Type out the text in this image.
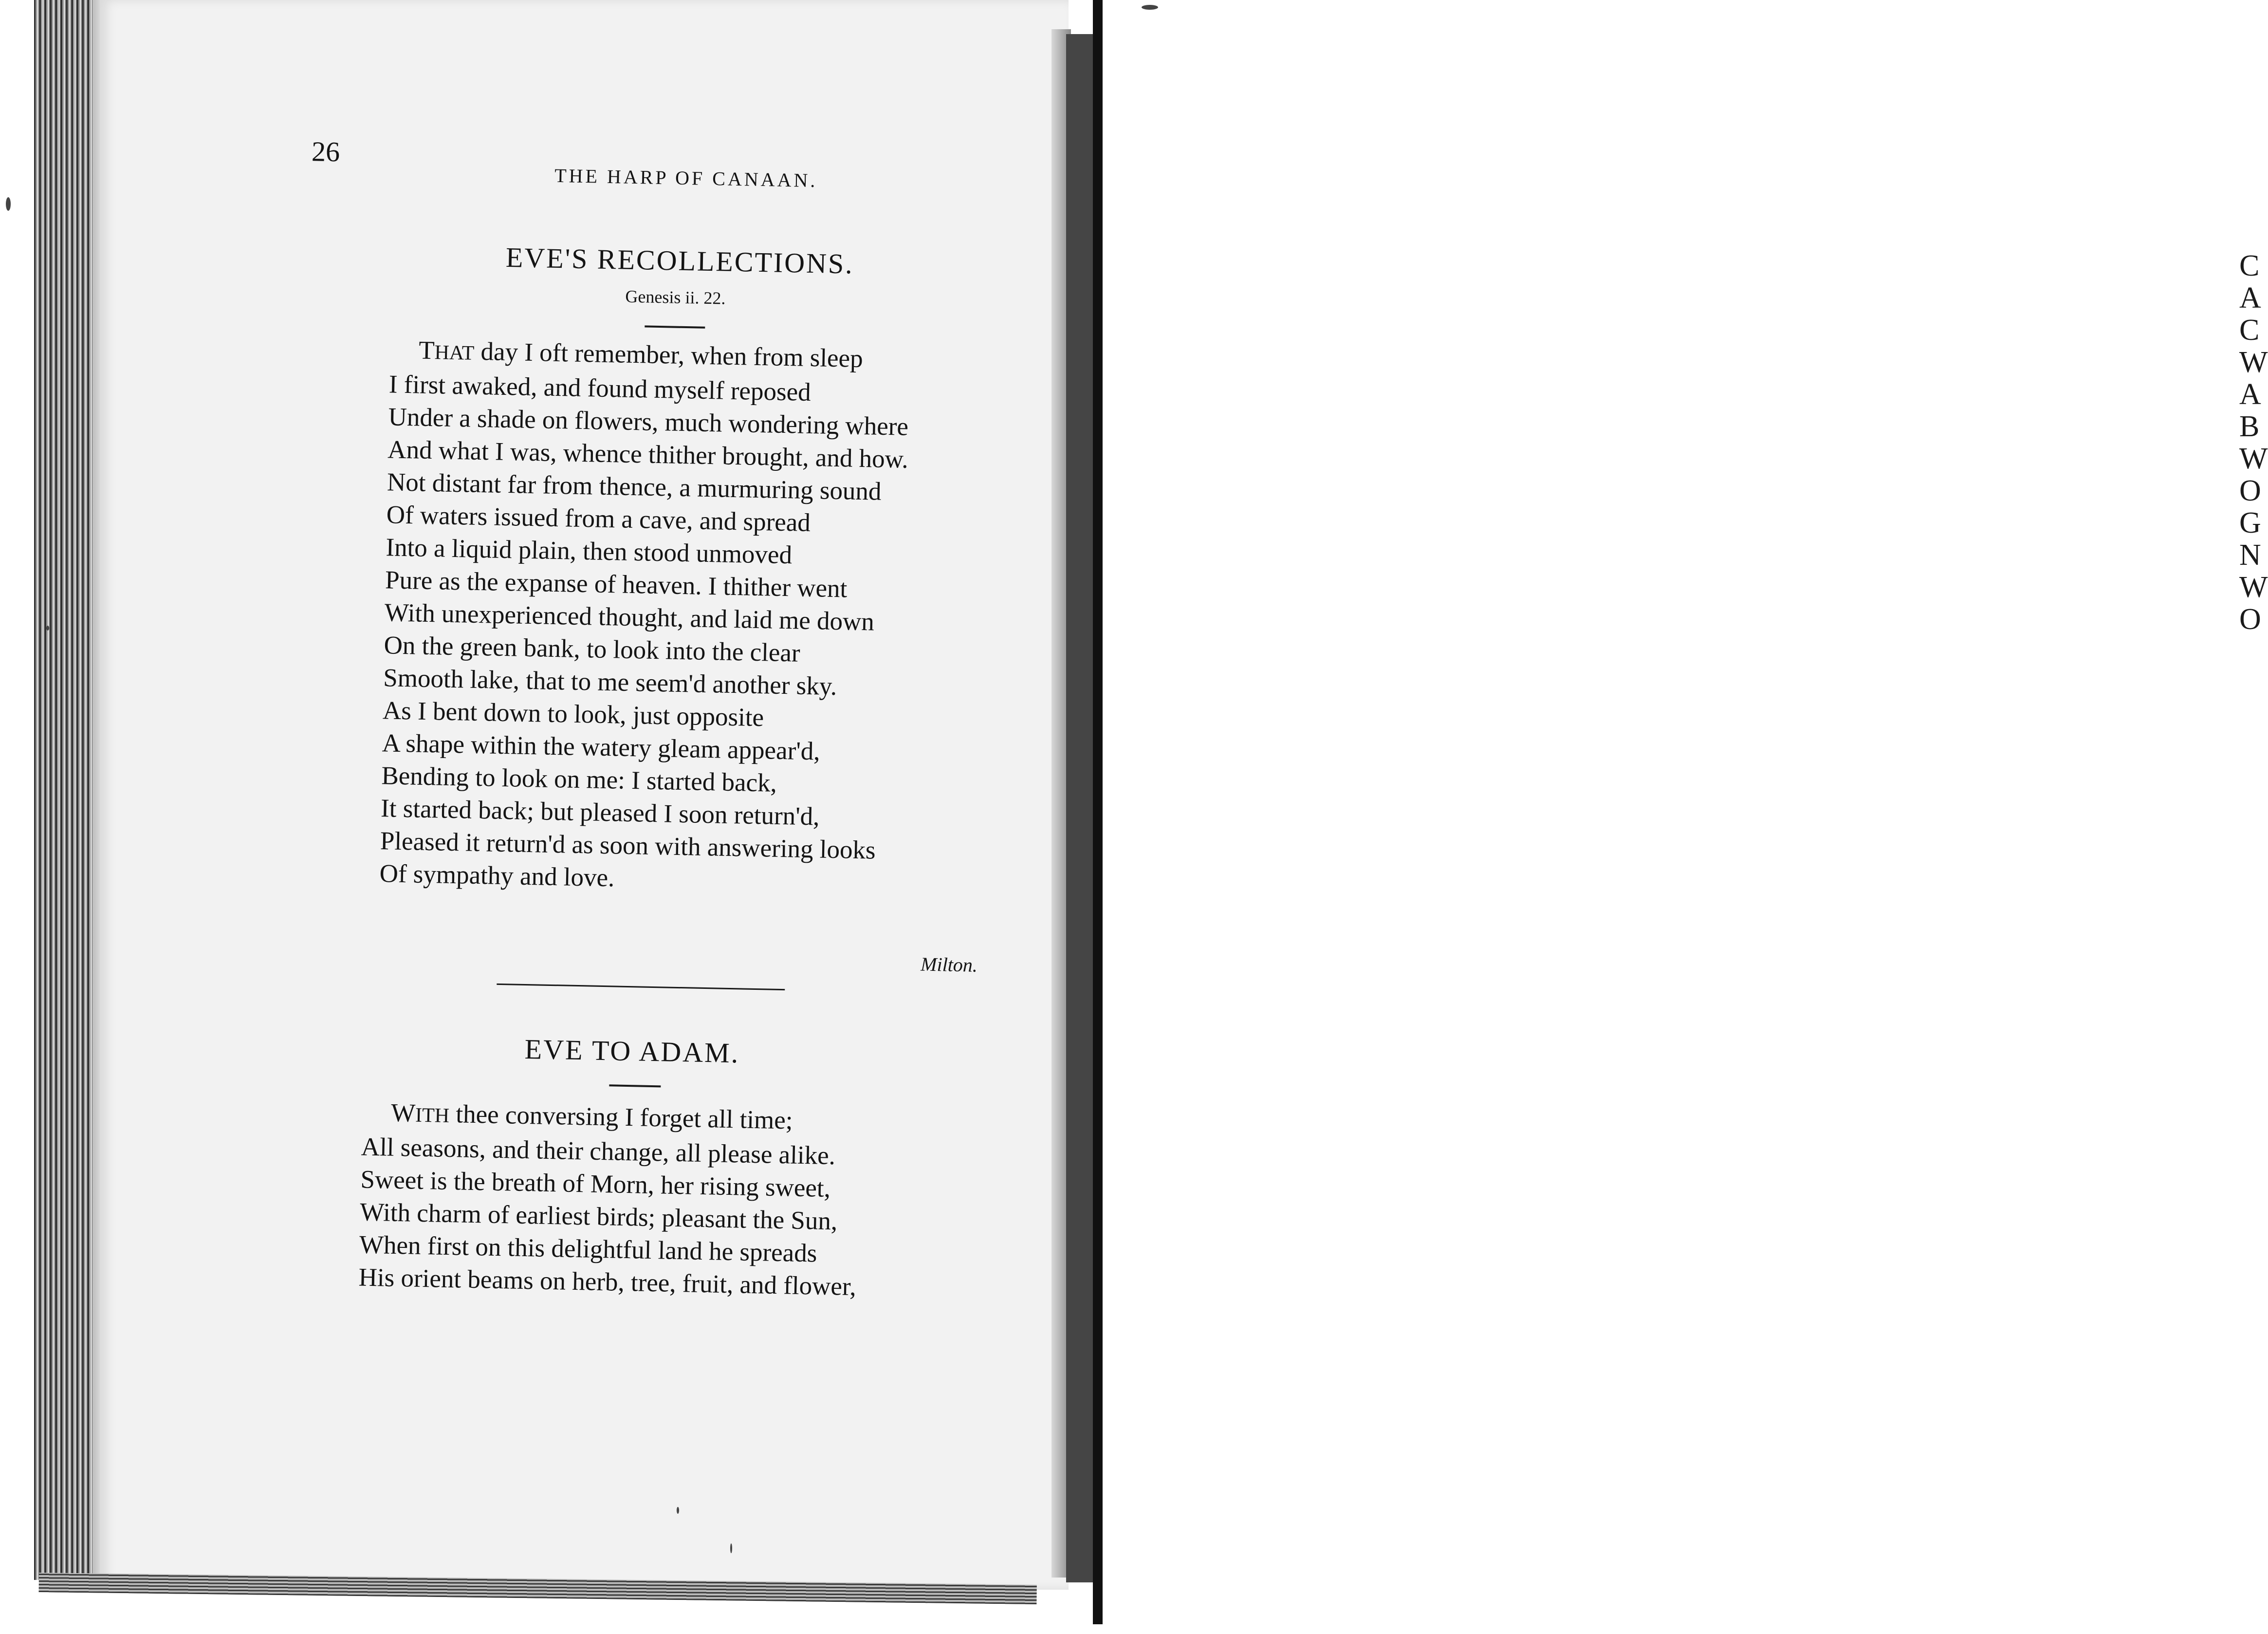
C
A
C
W
A
B
W
O
G
N
W
O
26
THE HARP OF CANAAN.
EVE'S RECOLLECTIONS.
Genesis ii. 22.
THAT day I oft remember, when from sleep
I first awaked, and found myself reposed
Under a shade on flowers, much wondering where
And what I was, whence thither brought, and how.
Not distant far from thence, a murmuring sound
Of waters issued from a cave, and spread
Into a liquid plain, then stood unmoved
Pure as the expanse of heaven. I thither went
With unexperienced thought, and laid me down
On the green bank, to look into the clear
Smooth lake, that to me seem'd another sky.
As I bent down to look, just opposite
A shape within the watery gleam appear'd,
Bending to look on me: I started back,
It started back; but pleased I soon return'd,
Pleased it return'd as soon with answering looks
Of sympathy and love.
Milton.
EVE TO ADAM.
WITH thee conversing I forget all time;
All seasons, and their change, all please alike.
Sweet is the breath of Morn, her rising sweet,
With charm of earliest birds; pleasant the Sun,
When first on this delightful land he spreads
His orient beams on herb, tree, fruit, and flower,
